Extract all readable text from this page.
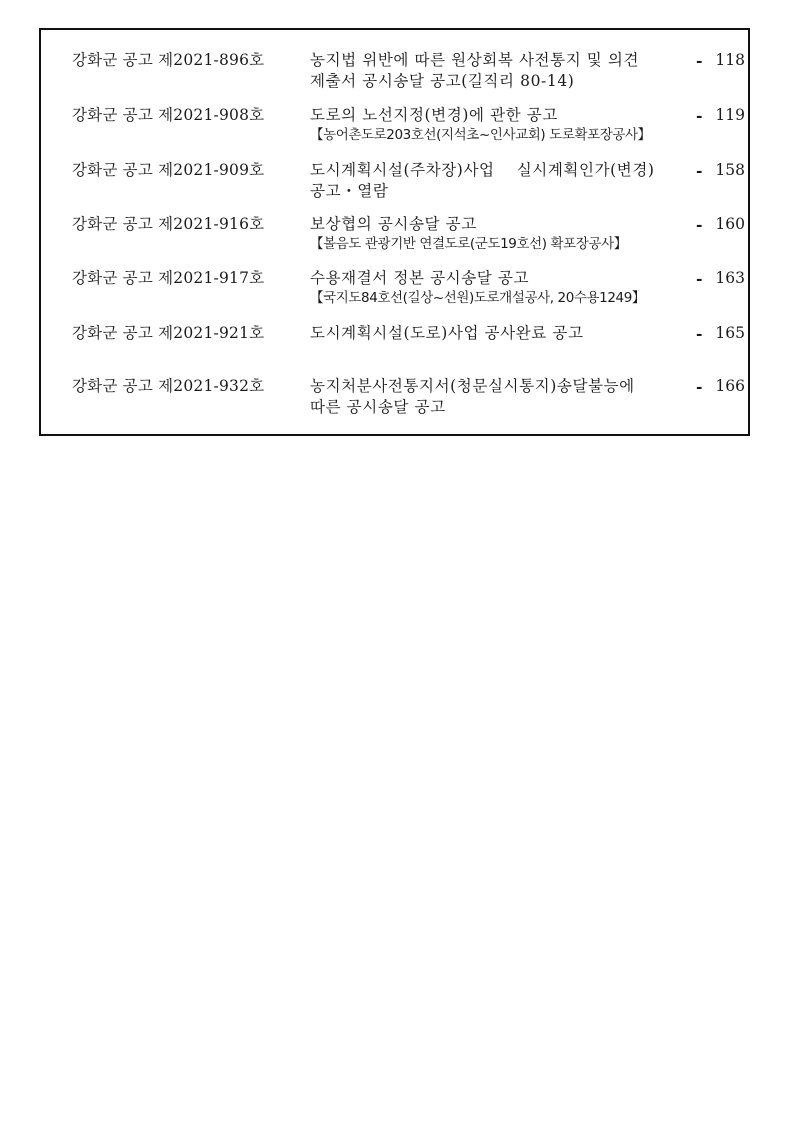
강화군 공고 제2021-896호	농지법 위반에 따른 원상회복 사전통지 및 의견
제출서 공시송달 공고(길직리 80-14)
- 118
강화군 공고 제2021-908호	도로의 노선지정(변경)에 관한 공고
【농어촌도로203호선(지석초~인사교회) 도로확포장공사】
- 119
강화군 공고 제2021-909호	도시계획시설(주차장)사업    실시계획인가(변경)
공고・열람
- 158
강화군 공고 제2021-916호	보상협의 공시송달 공고
【볼음도 관광기반 연결도로(군도19호선) 확포장공사】
- 160
강화군 공고 제2021-917호	수용재결서 정본 공시송달 공고
【국지도84호선(길상~선원)도로개설공사, 20수용1249】
- 163
강화군 공고 제2021-921호	도시계획시설(도로)사업 공사완료 공고	- 165
강화군 공고 제2021-932호	농지처분사전통지서(청문실시통지)송달불능에
따른 공시송달 공고
- 166
